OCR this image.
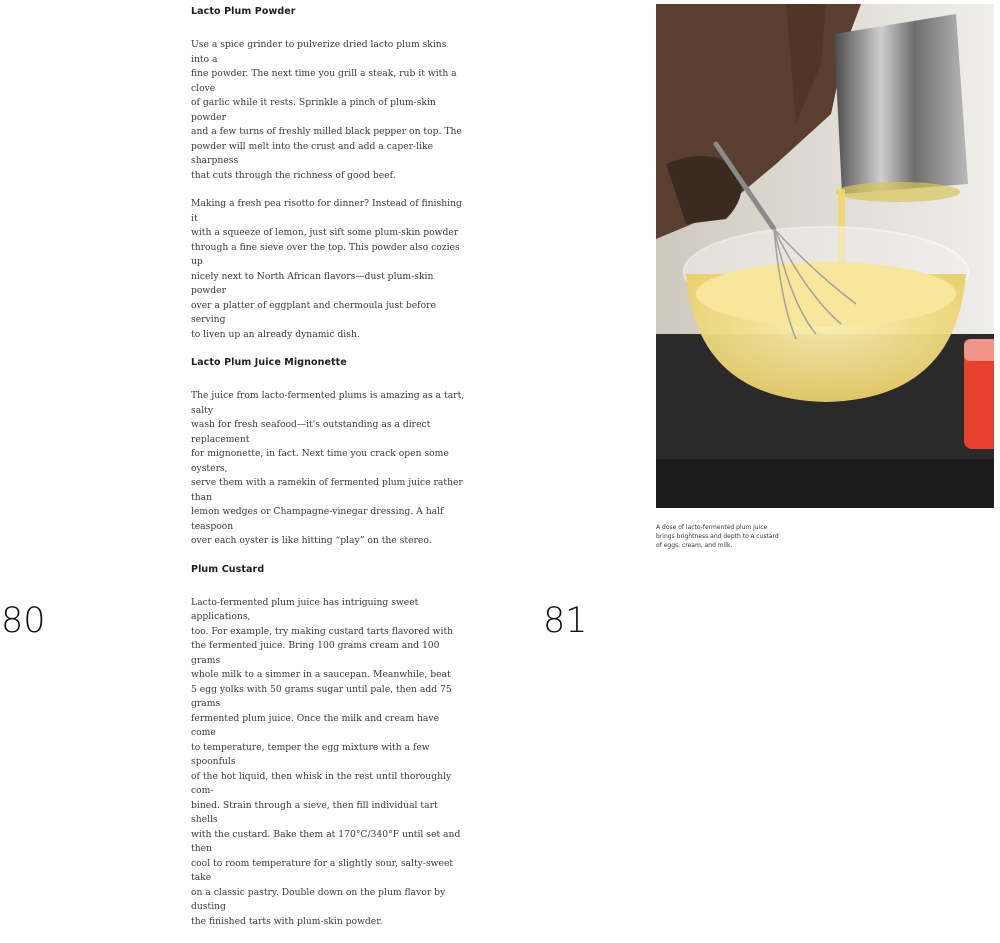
Lacto Plum Powder

Use a spice grinder to pulverize dried lacto plum skins into a
fine powder. The next time you grill a steak, rub it with a clove
of garlic while it rests. Sprinkle a pinch of plum-skin powder
and a few turns of freshly milled black pepper on top. The
powder will melt into the crust and add a caper-like sharpness
that cuts through the richness of good beef.

Making a fresh pea risotto for dinner? Instead of finishing it
with a squeeze of lemon, just sift some plum-skin powder
through a fine sieve over the top. This powder also cozies up
nicely next to North African flavors—dust plum-skin powder
over a platter of eggplant and chermoula just before serving
to liven up an already dynamic dish.

Lacto Plum Juice Mignonette

The juice from lacto-fermented plums is amazing as a tart, salty
wash for fresh seafood—it's outstanding as a direct replacement
for mignonette, in fact. Next time you crack open some oysters,
serve them with a ramekin of fermented plum juice rather than
lemon wedges or Champagne-vinegar dressing. A half teaspoon
over each oyster is like hitting “play” on the stereo.

Plum Custard

Lacto-fermented plum juice has intriguing sweet applications,
too. For example, try making custard tarts flavored with
the fermented juice. Bring 100 grams cream and 100 grams
whole milk to a simmer in a saucepan. Meanwhile, beat
5 egg yolks with 50 grams sugar until pale, then add 75 grams
fermented plum juice. Once the milk and cream have come
to temperature, temper the egg mixture with a few spoonfuls
of the hot liquid, then whisk in the rest until thoroughly com-
bined. Strain through a sieve, then fill individual tart shells
with the custard. Bake them at 170°C/340°F until set and then
cool to room temperature for a slightly sour, salty-sweet take
on a classic pastry. Double down on the plum flavor by dusting
the finished tarts with plum-skin powder.

80
A dose of lacto-fermented plum juice
brings brightness and depth to a custard
of eggs, cream, and milk.
81
